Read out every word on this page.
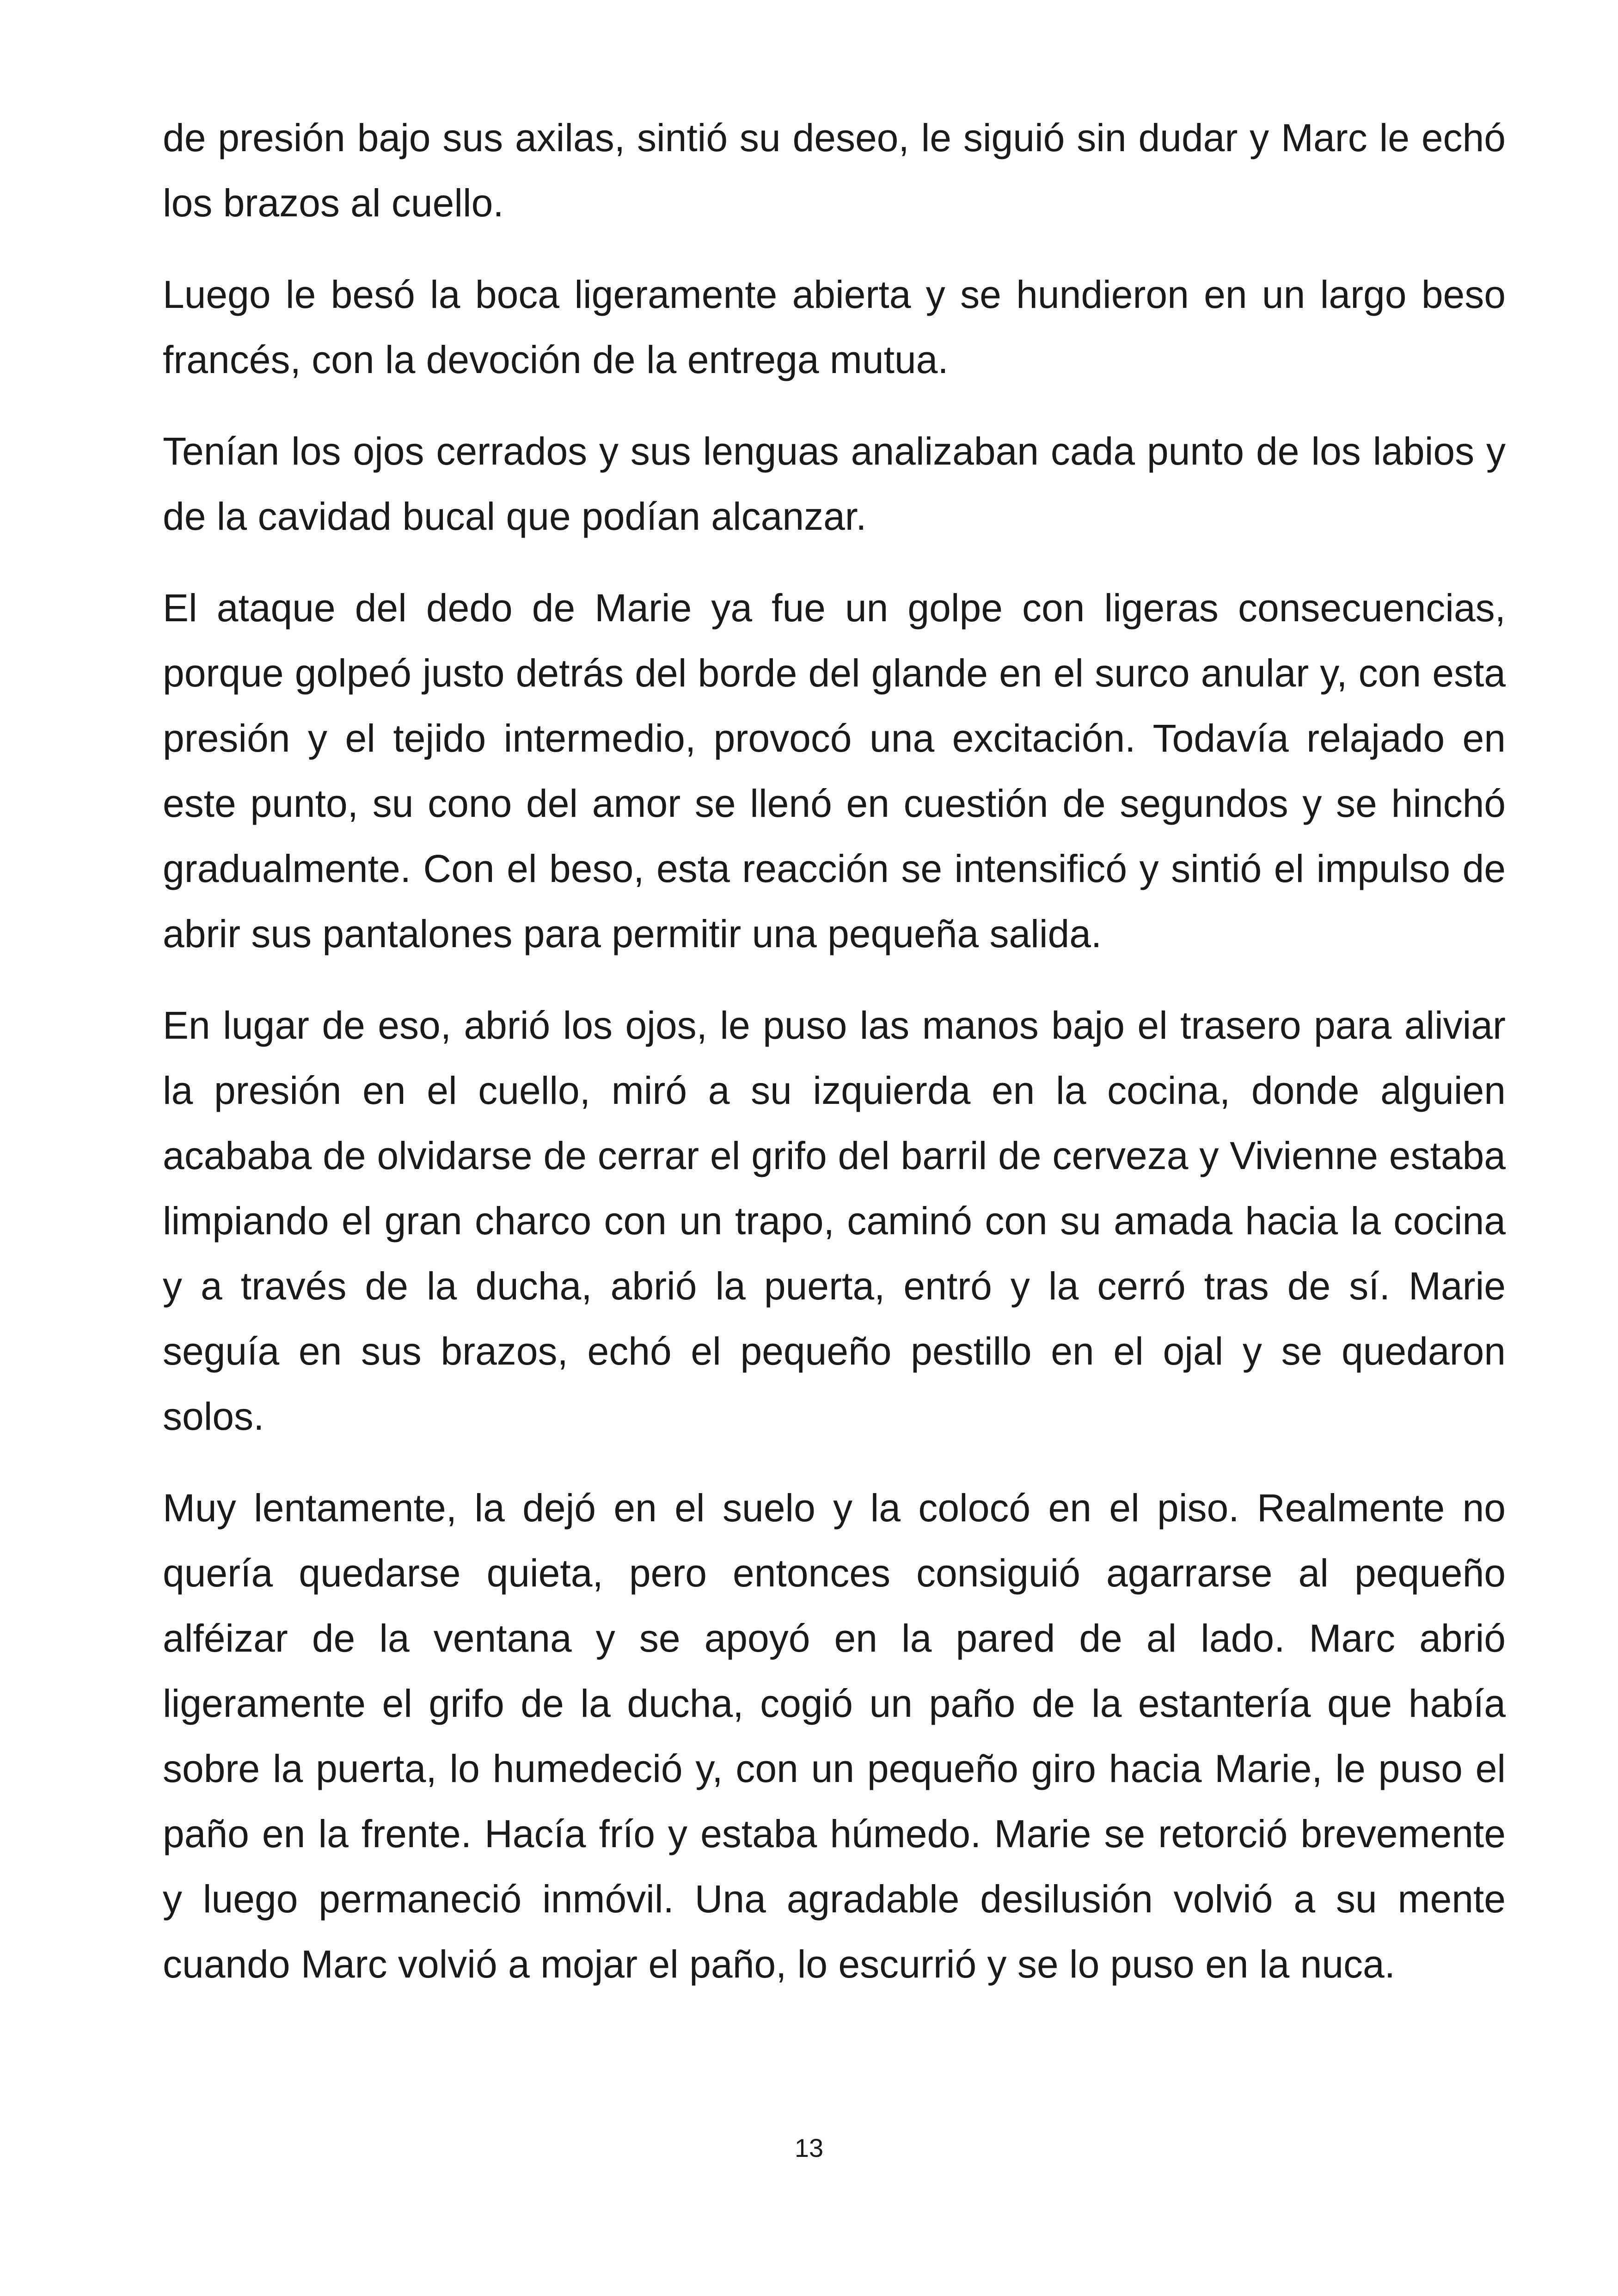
de presión bajo sus axilas, sintió su deseo, le siguió sin dudar y Marc le echó los brazos al cuello.

Luego le besó la boca ligeramente abierta y se hundieron en un largo beso francés, con la devoción de la entrega mutua.

Tenían los ojos cerrados y sus lenguas analizaban cada punto de los labios y de la cavidad bucal que podían alcanzar.

El ataque del dedo de Marie ya fue un golpe con ligeras consecuencias, porque golpeó justo detrás del borde del glande en el surco anular y, con esta presión y el tejido intermedio, provocó una excitación. Todavía relajado en este punto, su cono del amor se llenó en cuestión de segundos y se hinchó gradualmente. Con el beso, esta reacción se intensificó y sintió el impulso de abrir sus pantalones para permitir una pequeña salida.

En lugar de eso, abrió los ojos, le puso las manos bajo el trasero para aliviar la presión en el cuello, miró a su izquierda en la cocina, donde alguien acababa de olvidarse de cerrar el grifo del barril de cerveza y Vivienne estaba limpiando el gran charco con un trapo, caminó con su amada hacia la cocina y a través de la ducha, abrió la puerta, entró y la cerró tras de sí. Marie seguía en sus brazos, echó el pequeño pestillo en el ojal y se quedaron solos.

Muy lentamente, la dejó en el suelo y la colocó en el piso. Realmente no quería quedarse quieta, pero entonces consiguió agarrarse al pequeño alféizar de la ventana y se apoyó en la pared de al lado. Marc abrió ligeramente el grifo de la ducha, cogió un paño de la estantería que había sobre la puerta, lo humedeció y, con un pequeño giro hacia Marie, le puso el paño en la frente. Hacía frío y estaba húmedo. Marie se retorció brevemente y luego permaneció inmóvil. Una agradable desilusión volvió a su mente cuando Marc volvió a mojar el paño, lo escurrió y se lo puso en la nuca.

13
